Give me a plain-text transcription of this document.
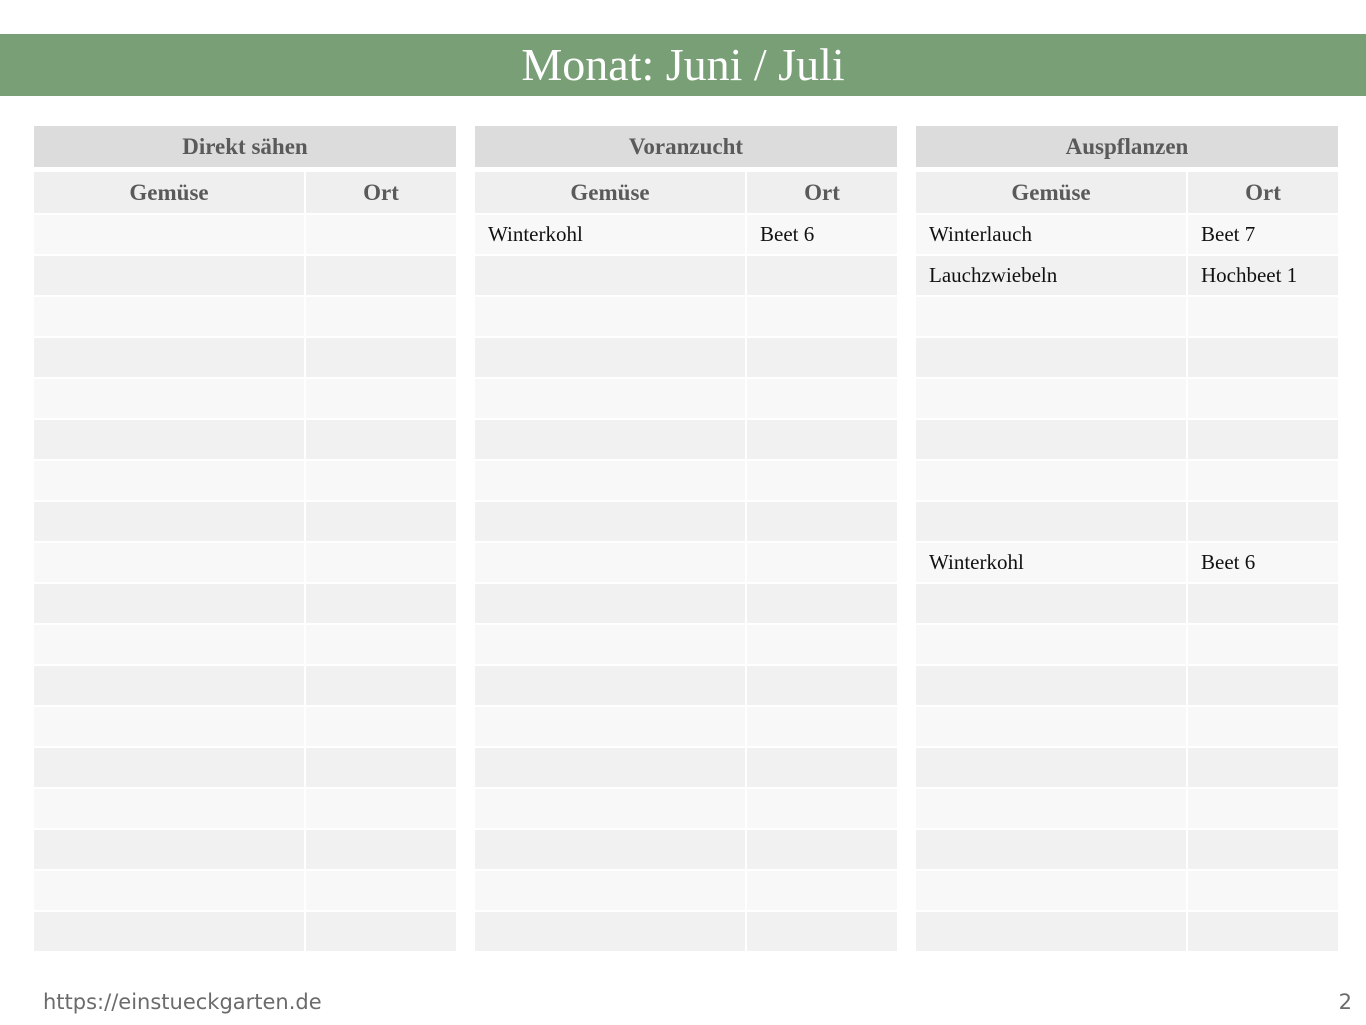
Monat: Juni / Juli
Direkt sähen
Gemüse	Ort
Voranzucht
Gemüse	Ort
Winterkohl	Beet 6
Auspflanzen
Gemüse	Ort
Winterlauch	Beet 7
Lauchzwiebeln	Hochbeet 1
Winterkohl	Beet 6
https://einstueckgarten.de	2
